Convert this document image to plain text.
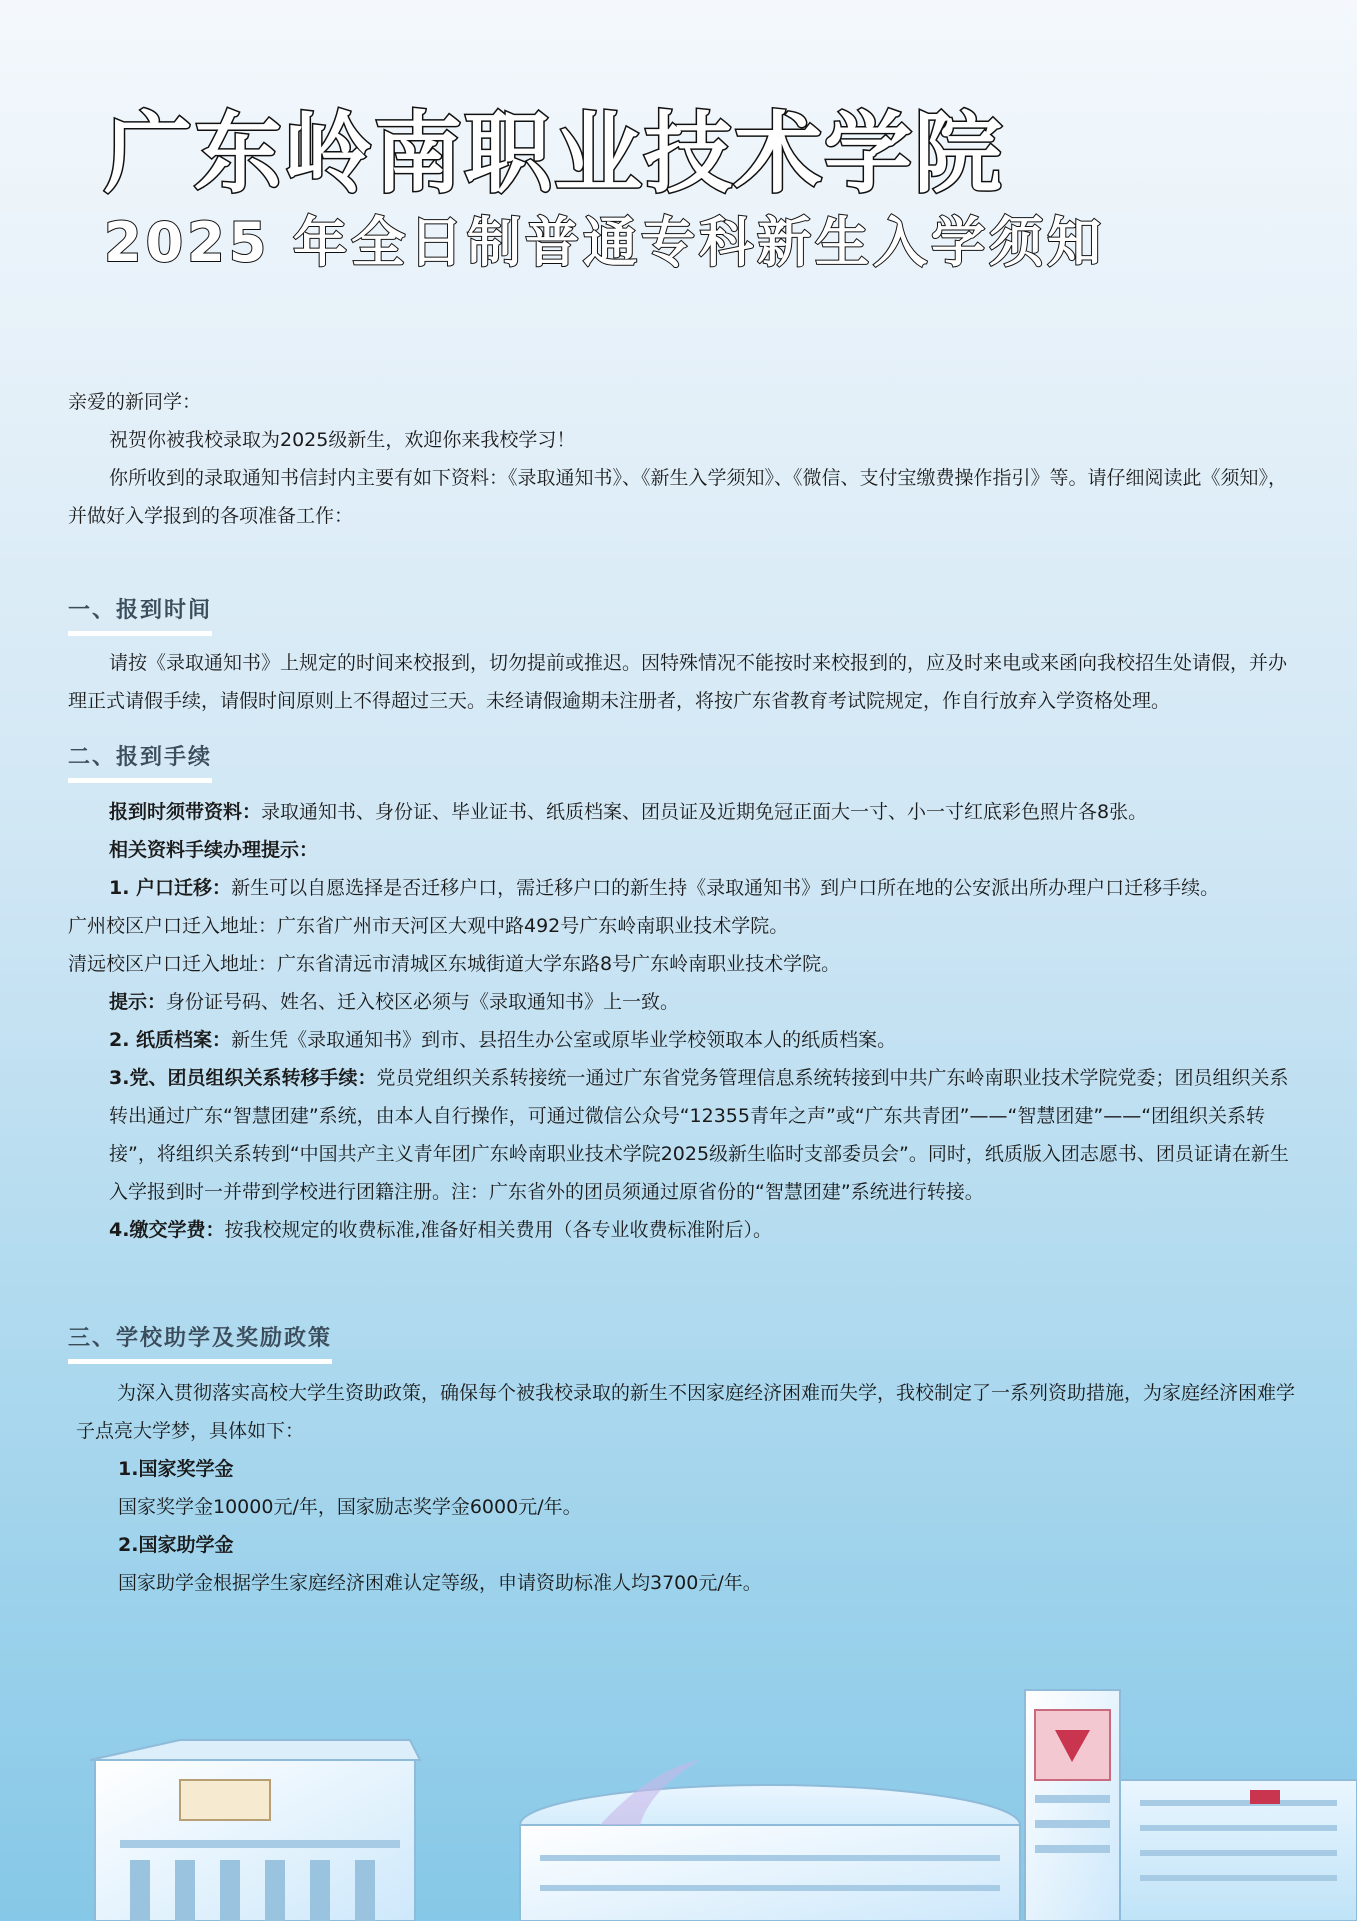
广东岭南职业技术学院
2025 年全日制普通专科新生入学须知

亲爱的新同学：

祝贺你被我校录取为2025级新生，欢迎你来我校学习！

你所收到的录取通知书信封内主要有如下资料：《录取通知书》、《新生入学须知》、《微信、支付宝缴费操作指引》等。请仔细阅读此《须知》，并做好入学报到的各项准备工作：

一、报到时间

请按《录取通知书》上规定的时间来校报到，切勿提前或推迟。因特殊情况不能按时来校报到的，应及时来电或来函向我校招生处请假，并办理正式请假手续，请假时间原则上不得超过三天。未经请假逾期未注册者，将按广东省教育考试院规定，作自行放弃入学资格处理。

二、报到手续

报到时须带资料：录取通知书、身份证、毕业证书、纸质档案、团员证及近期免冠正面大一寸、小一寸红底彩色照片各8张。

相关资料手续办理提示：

1. 户口迁移：新生可以自愿选择是否迁移户口，需迁移户口的新生持《录取通知书》到户口所在地的公安派出所办理户口迁移手续。

广州校区户口迁入地址：广东省广州市天河区大观中路492号广东岭南职业技术学院。

清远校区户口迁入地址：广东省清远市清城区东城街道大学东路8号广东岭南职业技术学院。

提示：身份证号码、姓名、迁入校区必须与《录取通知书》上一致。

2. 纸质档案：新生凭《录取通知书》到市、县招生办公室或原毕业学校领取本人的纸质档案。

3.党、团员组织关系转移手续：党员党组织关系转接统一通过广东省党务管理信息系统转接到中共广东岭南职业技术学院党委；团员组织关系转出通过广东“智慧团建”系统，由本人自行操作，可通过微信公众号“12355青年之声”或“广东共青团”——“智慧团建”——“团组织关系转接”，将组织关系转到“中国共产主义青年团广东岭南职业技术学院2025级新生临时支部委员会”。同时，纸质版入团志愿书、团员证请在新生入学报到时一并带到学校进行团籍注册。注：广东省外的团员须通过原省份的“智慧团建”系统进行转接。

4.缴交学费：按我校规定的收费标准,准备好相关费用（各专业收费标准附后）。

三、学校助学及奖励政策

为深入贯彻落实高校大学生资助政策，确保每个被我校录取的新生不因家庭经济困难而失学，我校制定了一系列资助措施，为家庭经济困难学子点亮大学梦，具体如下：

1.国家奖学金

国家奖学金10000元/年，国家励志奖学金6000元/年。

2.国家助学金

国家助学金根据学生家庭经济困难认定等级，申请资助标准人均3700元/年。
